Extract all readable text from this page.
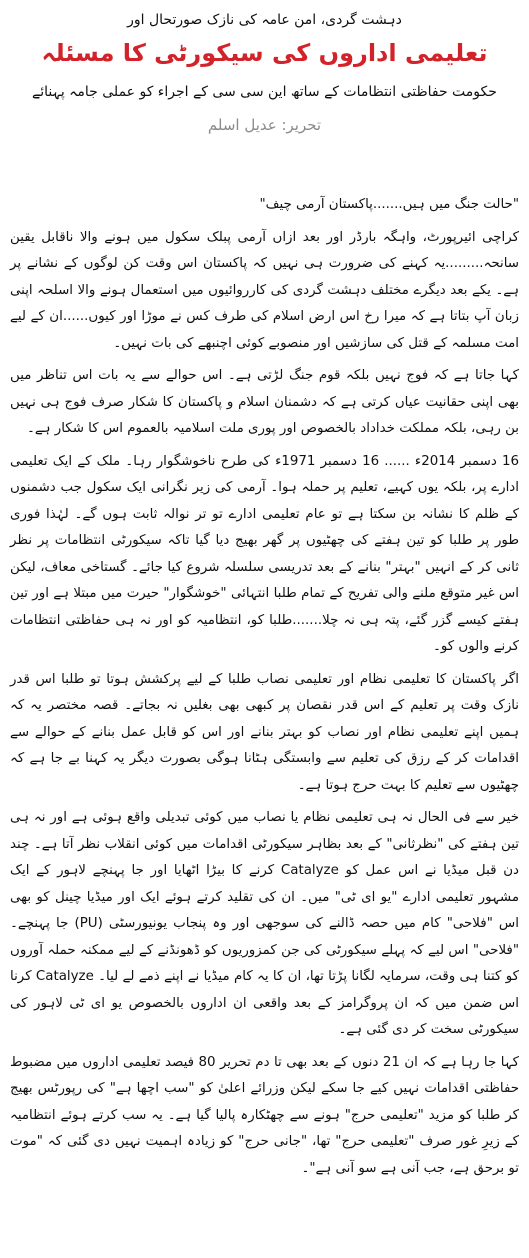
دہشت گردی، امن عامہ کی نازک صورتحال اور
تعلیمی اداروں کی سیکورٹی کا مسئلہ
حکومت حفاظتی انتظامات کے ساتھ این سی سی کے اجراء کو عملی جامہ پہنائے
تحریر: عدیل اسلم

"حالت جنگ میں ہیں.......پاکستان آرمی چیف"

کراچی ائیرپورٹ، واہگہ بارڈر اور بعد ازاں آرمی پبلک سکول میں ہونے والا ناقابل یقین سانحہ.........یہ کہنے کی ضرورت ہی نہیں کہ پاکستان اس وقت کن لوگوں کے نشانے پر ہے۔ یکے بعد دیگرے مختلف دہشت گردی کی کارروائیوں میں استعمال ہونے والا اسلحہ اپنی زبان آپ بتاتا ہے کہ میرا رخ اس ارض اسلام کی طرف کس نے موڑا اور کیوں......ان کے لیے امت مسلمہ کے قتل کی سازشیں اور منصوبے کوئی اچنبھے کی بات نہیں۔

کہا جاتا ہے کہ فوج نہیں بلکہ قوم جنگ لڑتی ہے۔ اس حوالے سے یہ بات اس تناظر میں بھی اپنی حقانیت عیاں کرتی ہے کہ دشمنان اسلام و پاکستان کا شکار صرف فوج ہی نہیں بن رہی، بلکہ مملکت خداداد بالخصوص اور پوری ملت اسلامیہ بالعموم اس کا شکار ہے۔

16 دسمبر 2014ء ...... 16 دسمبر 1971ء کی طرح ناخوشگوار رہا۔ ملک کے ایک تعلیمی ادارے پر، بلکہ یوں کہیے، تعلیم پر حملہ ہوا۔ آرمی کی زیر نگرانی ایک سکول جب دشمنوں کے ظلم کا نشانہ بن سکتا ہے تو عام تعلیمی ادارے تو تر نوالہ ثابت ہوں گے۔ لہٰذا فوری طور پر طلبا کو تین ہفتے کی چھٹیوں پر گھر بھیج دیا گیا تاکہ سیکورٹی انتظامات پر نظر ثانی کر کے انہیں "بہتر" بنانے کے بعد تدریسی سلسلہ شروع کیا جائے۔ گستاخی معاف، لیکن اس غیر متوقع ملنے والی تفریح کے تمام طلبا انتہائی "خوشگوار" حیرت میں مبتلا ہے اور تین ہفتے کیسے گزر گئے، پتہ ہی نہ چلا.......طلبا کو، انتظامیہ کو اور نہ ہی حفاظتی انتظامات کرنے والوں کو۔

اگر پاکستان کا تعلیمی نظام اور تعلیمی نصاب طلبا کے لیے پرکشش ہوتا تو طلبا اس قدر نازک وقت پر تعلیم کے اس قدر نقصان پر کبھی بھی بغلیں نہ بجاتے۔ قصہ مختصر یہ کہ ہمیں اپنے تعلیمی نظام اور نصاب کو بہتر بنانے اور اس کو قابل عمل بنانے کے حوالے سے اقدامات کر کے رزق کی تعلیم سے وابستگی ہٹانا ہوگی بصورت دیگر یہ کہنا بے جا ہے کہ چھٹیوں سے تعلیم کا بہت حرج ہوتا ہے۔

خیر سے فی الحال نہ ہی تعلیمی نظام یا نصاب میں کوئی تبدیلی واقع ہوئی ہے اور نہ ہی تین ہفتے کی "نظرثانی" کے بعد بظاہر سیکورٹی اقدامات میں کوئی انقلاب نظر آتا ہے۔ چند دن قبل میڈیا نے اس عمل کو Catalyze کرنے کا بیڑا اٹھایا اور جا پہنچے لاہور کے ایک مشہور تعلیمی ادارے "یو ای ٹی" میں۔ ان کی تقلید کرتے ہوئے ایک اور میڈیا چینل کو بھی اس "فلاحی" کام میں حصہ ڈالنے کی سوجھی اور وہ پنجاب یونیورسٹی (PU) جا پہنچے۔ "فلاحی" اس لیے کہ پہلے سیکورٹی کی جن کمزوریوں کو ڈھونڈنے کے لیے ممکنہ حملہ آوروں کو کتنا ہی وقت، سرمایہ لگانا پڑتا تھا، ان کا یہ کام میڈیا نے اپنے ذمے لے لیا۔ Catalyze کرنا اس ضمن میں کہ ان پروگرامز کے بعد واقعی ان اداروں بالخصوص یو ای ٹی لاہور کی سیکورٹی سخت کر دی گئی ہے۔

کہا جا رہا ہے کہ ان 21 دنوں کے بعد بھی تا دم تحریر 80 فیصد تعلیمی اداروں میں مضبوط حفاظتی اقدامات نہیں کیے جا سکے لیکن وزرائے اعلیٰ کو "سب اچھا ہے" کی رپورٹس بھیج کر طلبا کو مزید "تعلیمی حرج" ہونے سے چھٹکارہ پالیا گیا ہے۔ یہ سب کرتے ہوئے انتظامیہ کے زیرِ غور صرف "تعلیمی حرج" تھا، "جانی حرج" کو زیادہ اہمیت نہیں دی گئی کہ "موت تو برحق ہے، جب آنی ہے سو آنی ہے"۔
